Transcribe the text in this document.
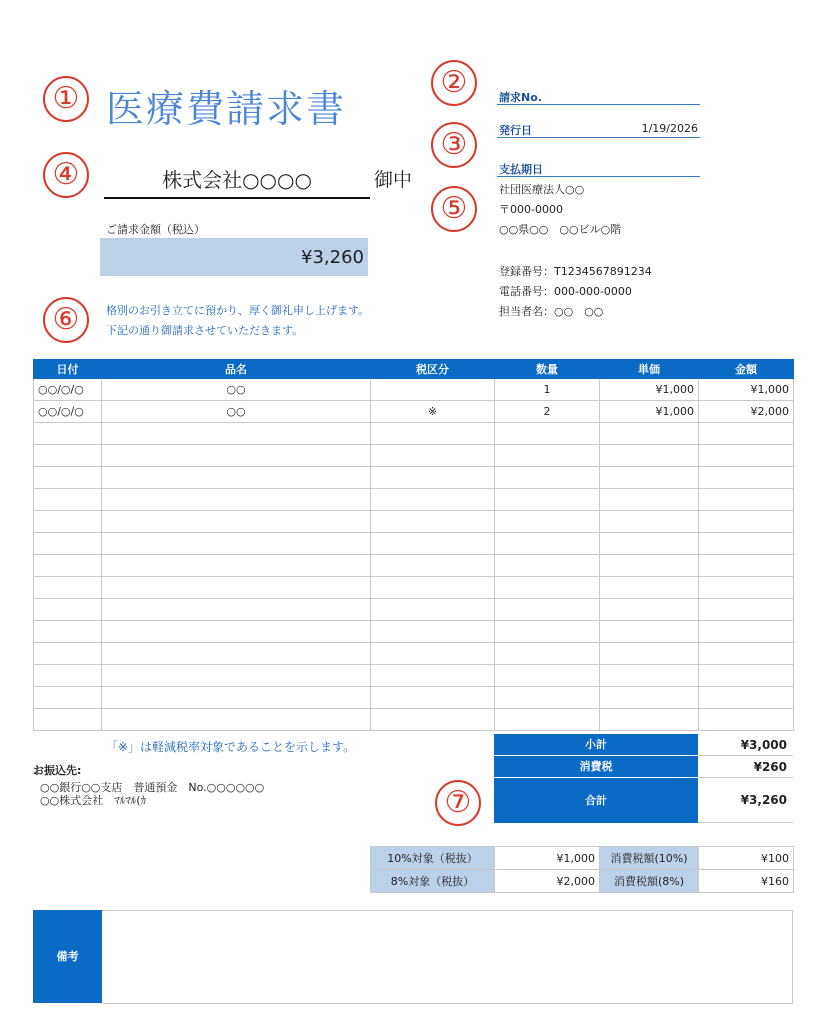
①	②
③
④
⑤
⑥
⑦
医療費請求書	請求No.
発行日	1/19/2026
支払期日
社団医療法人○○
〒000-0000
○○県○○　○○ビル○階
登録番号：T1234567891234
電話番号：000-000-0000
担当者名：○○　○○
株式会社○○○○	御中
ご請求金額（税込）
¥3,260
格別のお引き立てに預かり、厚く御礼申し上げます。
下記の通り御請求させていただきます。
日付	品名	税区分	数量	単価	金額
○○/○/○	○○		1	¥1,000	¥1,000
○○/○/○	○○	※	2	¥1,000	¥2,000

「※」は軽減税率対象であることを示します。
お振込先:
○○銀行○○支店　普通預金　No.○○○○○○
○○株式会社　ﾏﾙﾏﾙ(ｶ
小計	¥3,000
消費税	¥260
合計	¥3,260
10%対象（税抜）	¥1,000	消費税額(10%)	¥100
8%対象（税抜）	¥2,000	消費税額(8%)	¥160
備考
